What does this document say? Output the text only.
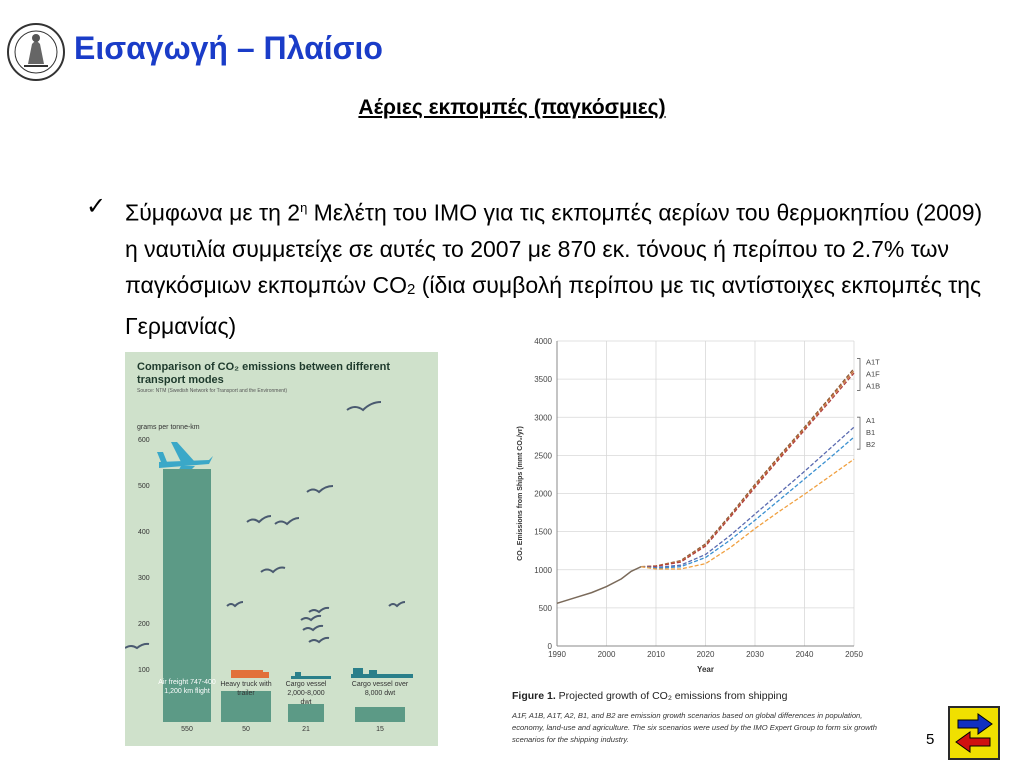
Εισαγωγή – Πλαίσιο
Αέριες εκπομπές (παγκόσμιες)
✓ Σύμφωνα με τη $2^\eta$ Μελέτη του IMO για τις εκπομπές αερίων του θερμοκηπίου (2009) η ναυτιλία συμμετείχε σε αυτές το 2007 με 870 εκ. τόνους ή περίπου το 2.7% των παγκόσμιων εκπομπών $CO_2$ (ίδια συμβολή περίπου με τις αντίστοιχες εκπομπές της Γερμανίας)
Comparison of CO₂ emissions between different transport modes
Source: NTM (Swedish Network for Transport and the Environment)
grams per tonne-km
600
500
400
300
200
100
Air freight 747-400 1,200 km flight
550
Heavy truck with trailer
50
Cargo vessel 2,000-8,000 dwt
21
Cargo vessel over 8,000 dwt
15
0
500
1000
1500
2000
2500
3000
3500
4000
1990	2000	2010	2020	2030	2040	2050
Year
CO₂ Emissions from Ships (mmt CO₂/yr)
A1T
A1F
A1B
A1
B1
B2
Figure 1. Projected growth of CO₂ emissions from shipping
A1F, A1B, A1T, A2, B1, and B2 are emission growth scenarios based on global differences in population, economy, land-use and agriculture. The six scenarios were used by the IMO Expert Group to form six growth scenarios for the shipping industry.	5
